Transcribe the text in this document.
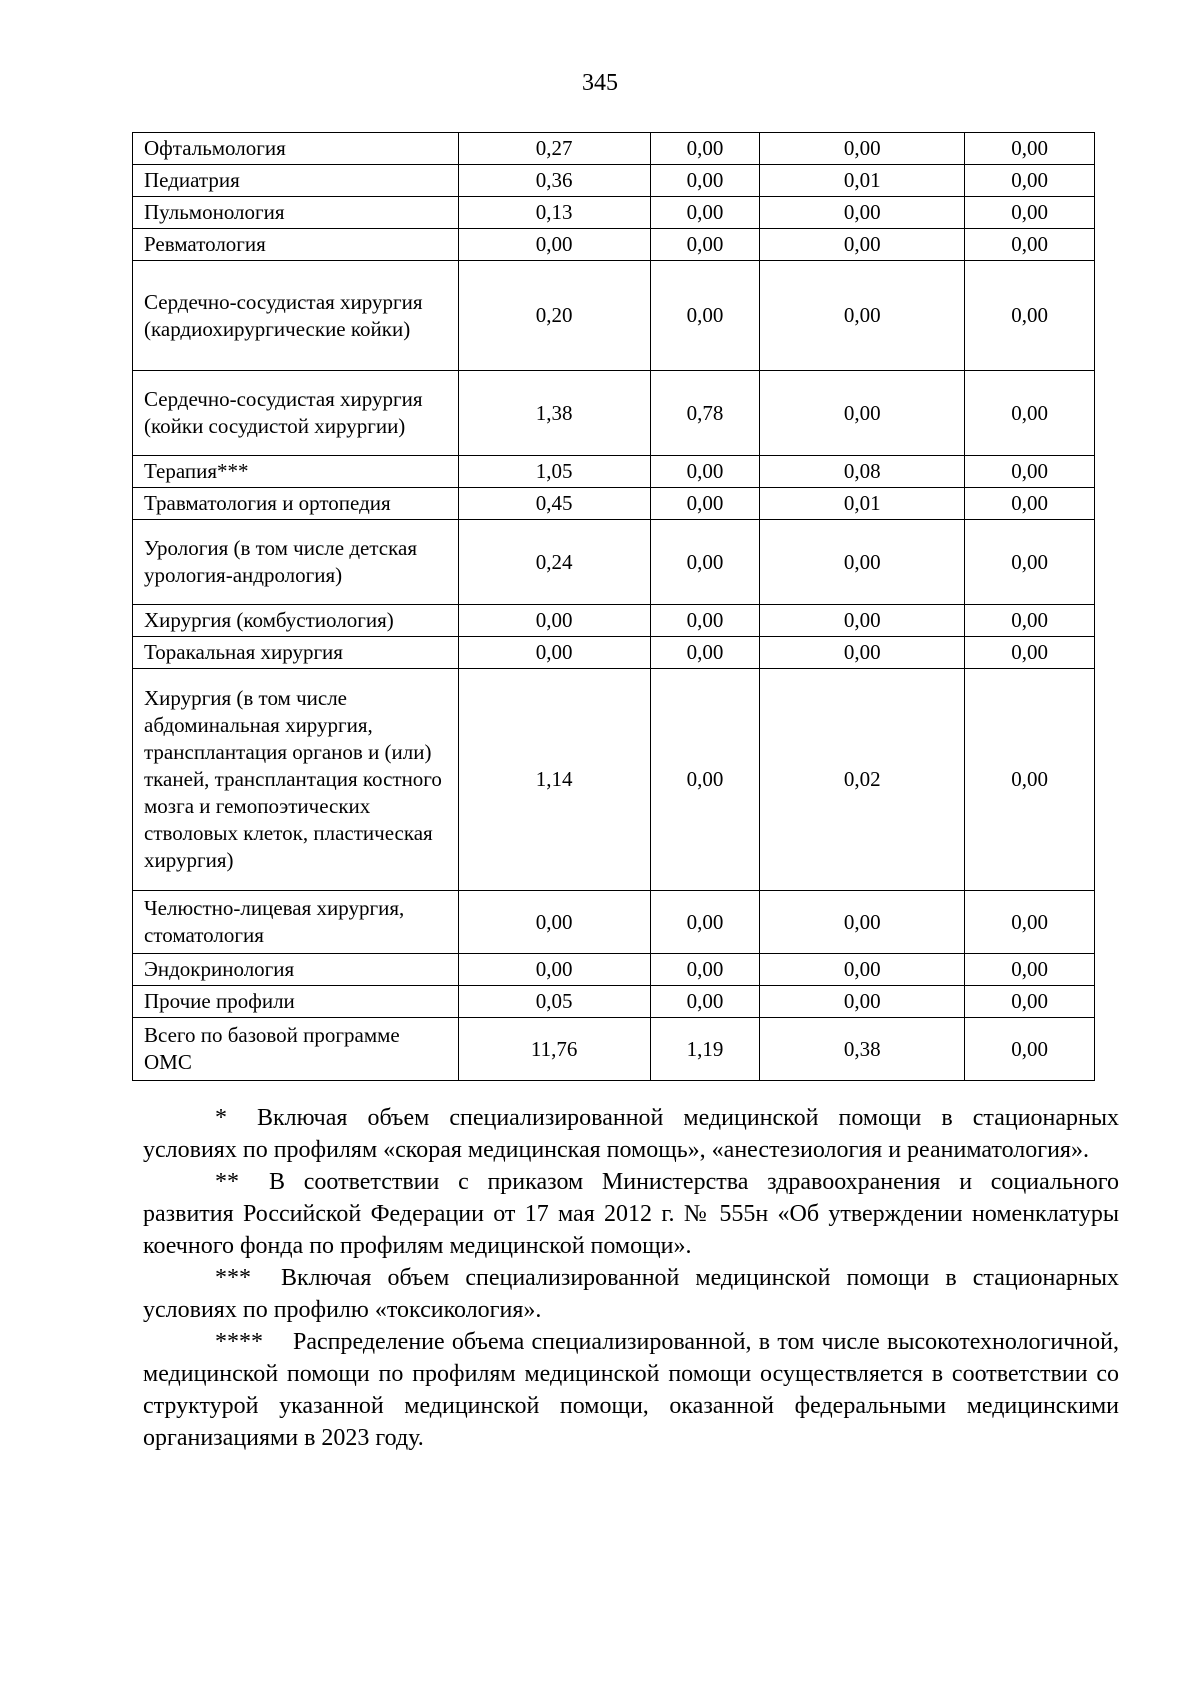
345
Офтальмология	0,27	0,00	0,00	0,00
Педиатрия	0,36	0,00	0,01	0,00
Пульмонология	0,13	0,00	0,00	0,00
Ревматология	0,00	0,00	0,00	0,00
Сердечно-сосудистая хирургия (кардиохирургические койки)	0,20	0,00	0,00	0,00
Сердечно-сосудистая хирургия (койки сосудистой хирургии)	1,38	0,78	0,00	0,00
Терапия***	1,05	0,00	0,08	0,00
Травматология и ортопедия	0,45	0,00	0,01	0,00
Урология (в том числе детская урология-андрология)	0,24	0,00	0,00	0,00
Хирургия (комбустиология)	0,00	0,00	0,00	0,00
Торакальная хирургия	0,00	0,00	0,00	0,00
Хирургия (в том числе абдоминальная хирургия, трансплантация органов и (или) тканей, трансплантация костного мозга и гемопоэтических стволовых клеток, пластическая хирургия)	1,14	0,00	0,02	0,00
Челюстно-лицевая хирургия, стоматология	0,00	0,00	0,00	0,00
Эндокринология	0,00	0,00	0,00	0,00
Прочие профили	0,05	0,00	0,00	0,00
Всего по базовой программе ОМС	11,76	1,19	0,38	0,00

* Включая объем специализированной медицинской помощи в стационарных условиях по профилям «скорая медицинская помощь», «анестезиология и реаниматология».

** В соответствии с приказом Министерства здравоохранения и социального развития Российской Федерации от 17 мая 2012 г. № 555н «Об утверждении номенклатуры коечного фонда по профилям медицинской помощи».

*** Включая объем специализированной медицинской помощи в стационарных условиях по профилю «токсикология».

**** Распределение объема специализированной, в том числе высокотехнологичной, медицинской помощи по профилям медицинской помощи осуществляется в соответствии со структурой указанной медицинской помощи, оказанной федеральными медицинскими организациями в 2023 году.
